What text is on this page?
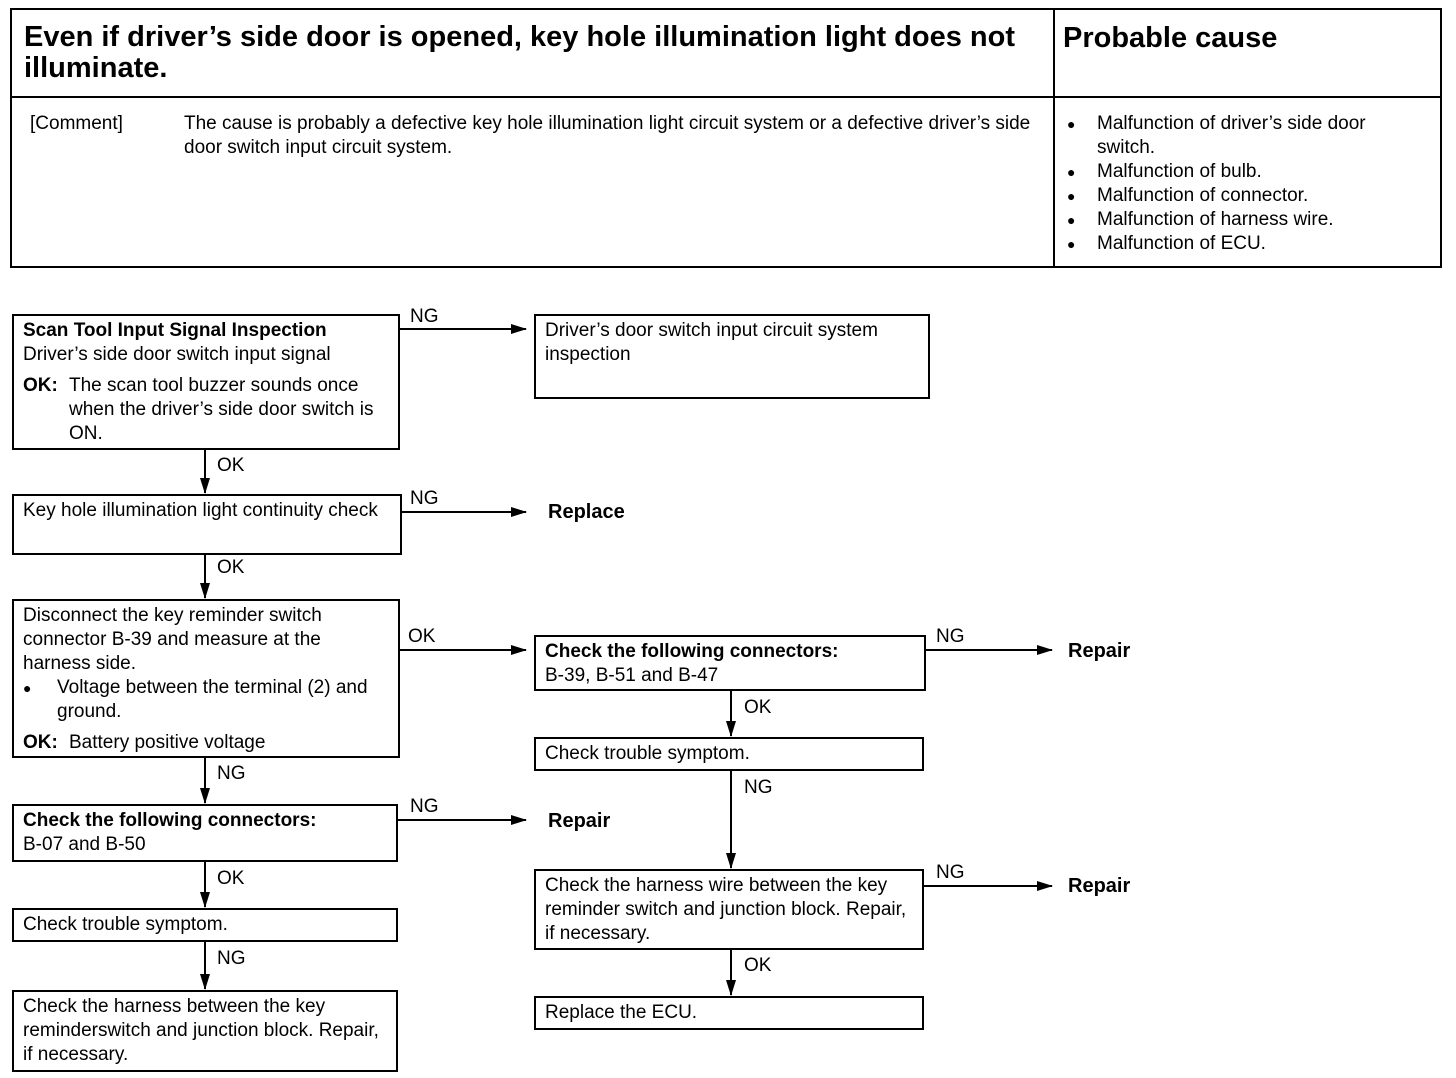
Even if driver’s side door is opened, key hole illumination light does not illuminate.
Probable cause
[Comment]	The cause is probably a defective key hole illumination light circuit system or a defective driver’s side door switch input circuit system.
● Malfunction of driver’s side door switch.
● Malfunction of bulb.
● Malfunction of connector.
● Malfunction of harness wire.
● Malfunction of ECU.
Scan Tool Input Signal Inspection
Driver’s side door switch input signal
OK: The scan tool buzzer sounds once when the driver’s side door switch is ON.
Key hole illumination light continuity check
Disconnect the key reminder switch connector B-39 and measure at the harness side.
●	Voltage between the terminal (2) and ground.
OK: Battery positive voltage
Check the following connectors:
B-07 and B-50
Check trouble symptom.
Check the harness between the key reminderswitch and junction block. Repair, if necessary.
Driver’s door switch input circuit system inspection
Check the following connectors:
B-39, B-51 and B-47
Check trouble symptom.
Check the harness wire between the key reminder switch and junction block. Repair, if necessary.
Replace the ECU.
Replace
Repair
Repair
Repair
NG
OK
NG
OK
OK
NG
NG
OK
NG
NG
OK
NG
NG
OK
